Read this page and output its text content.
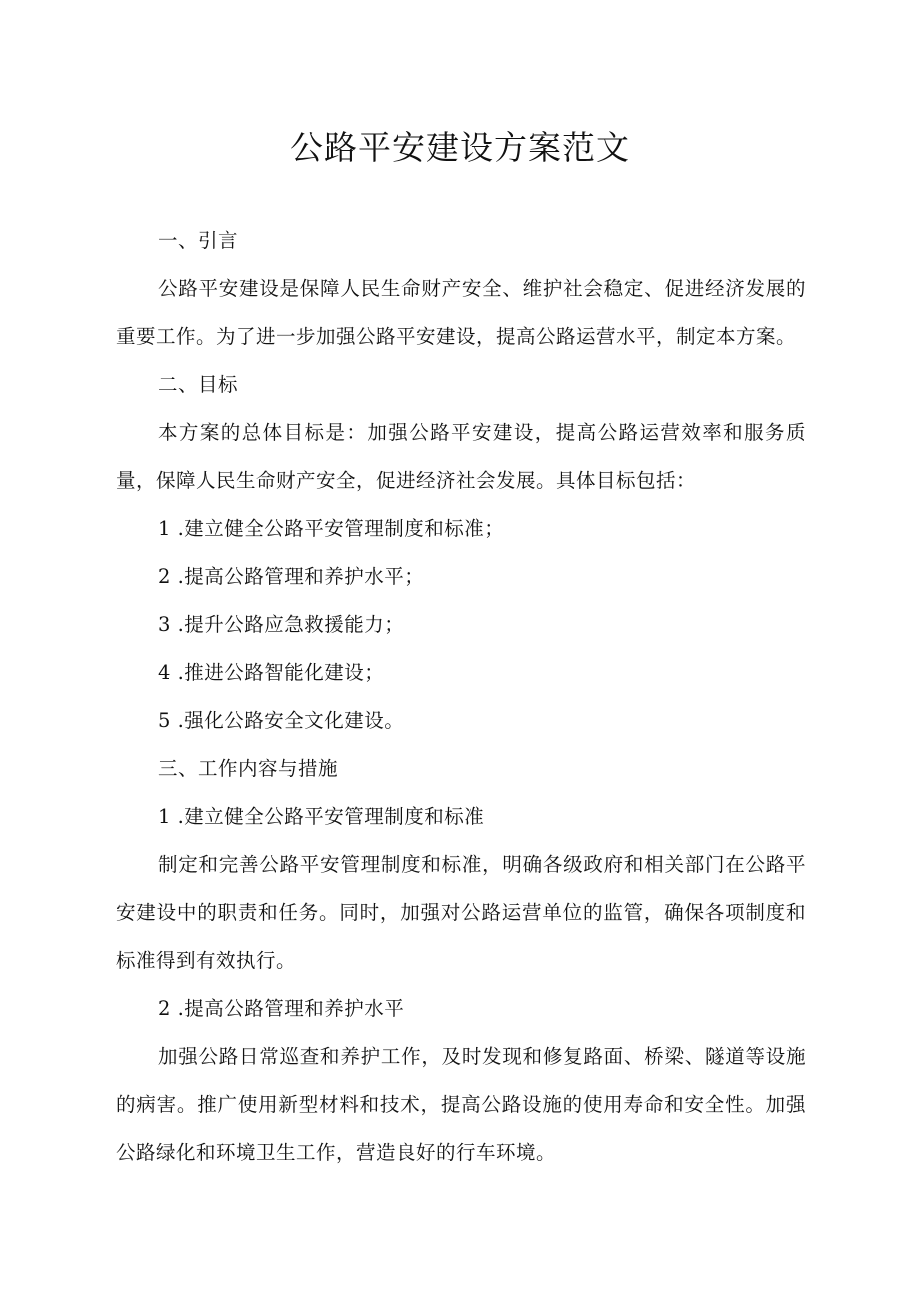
公路平安建设方案范文

一、引言

公路平安建设是保障人民生命财产安全、维护社会稳定、促进经济发展的重要工作。为了进一步加强公路平安建设，提高公路运营水平，制定本方案。

二、目标

本方案的总体目标是：加强公路平安建设，提高公路运营效率和服务质量，保障人民生命财产安全，促进经济社会发展。具体目标包括：

1 .建立健全公路平安管理制度和标准；

2 .提高公路管理和养护水平；

3 .提升公路应急救援能力；

4 .推进公路智能化建设；

5 .强化公路安全文化建设。

三、工作内容与措施

1 .建立健全公路平安管理制度和标准

制定和完善公路平安管理制度和标准，明确各级政府和相关部门在公路平安建设中的职责和任务。同时，加强对公路运营单位的监管，确保各项制度和标准得到有效执行。

2 .提高公路管理和养护水平

加强公路日常巡查和养护工作，及时发现和修复路面、桥梁、隧道等设施的病害。推广使用新型材料和技术，提高公路设施的使用寿命和安全性。加强公路绿化和环境卫生工作，营造良好的行车环境。
